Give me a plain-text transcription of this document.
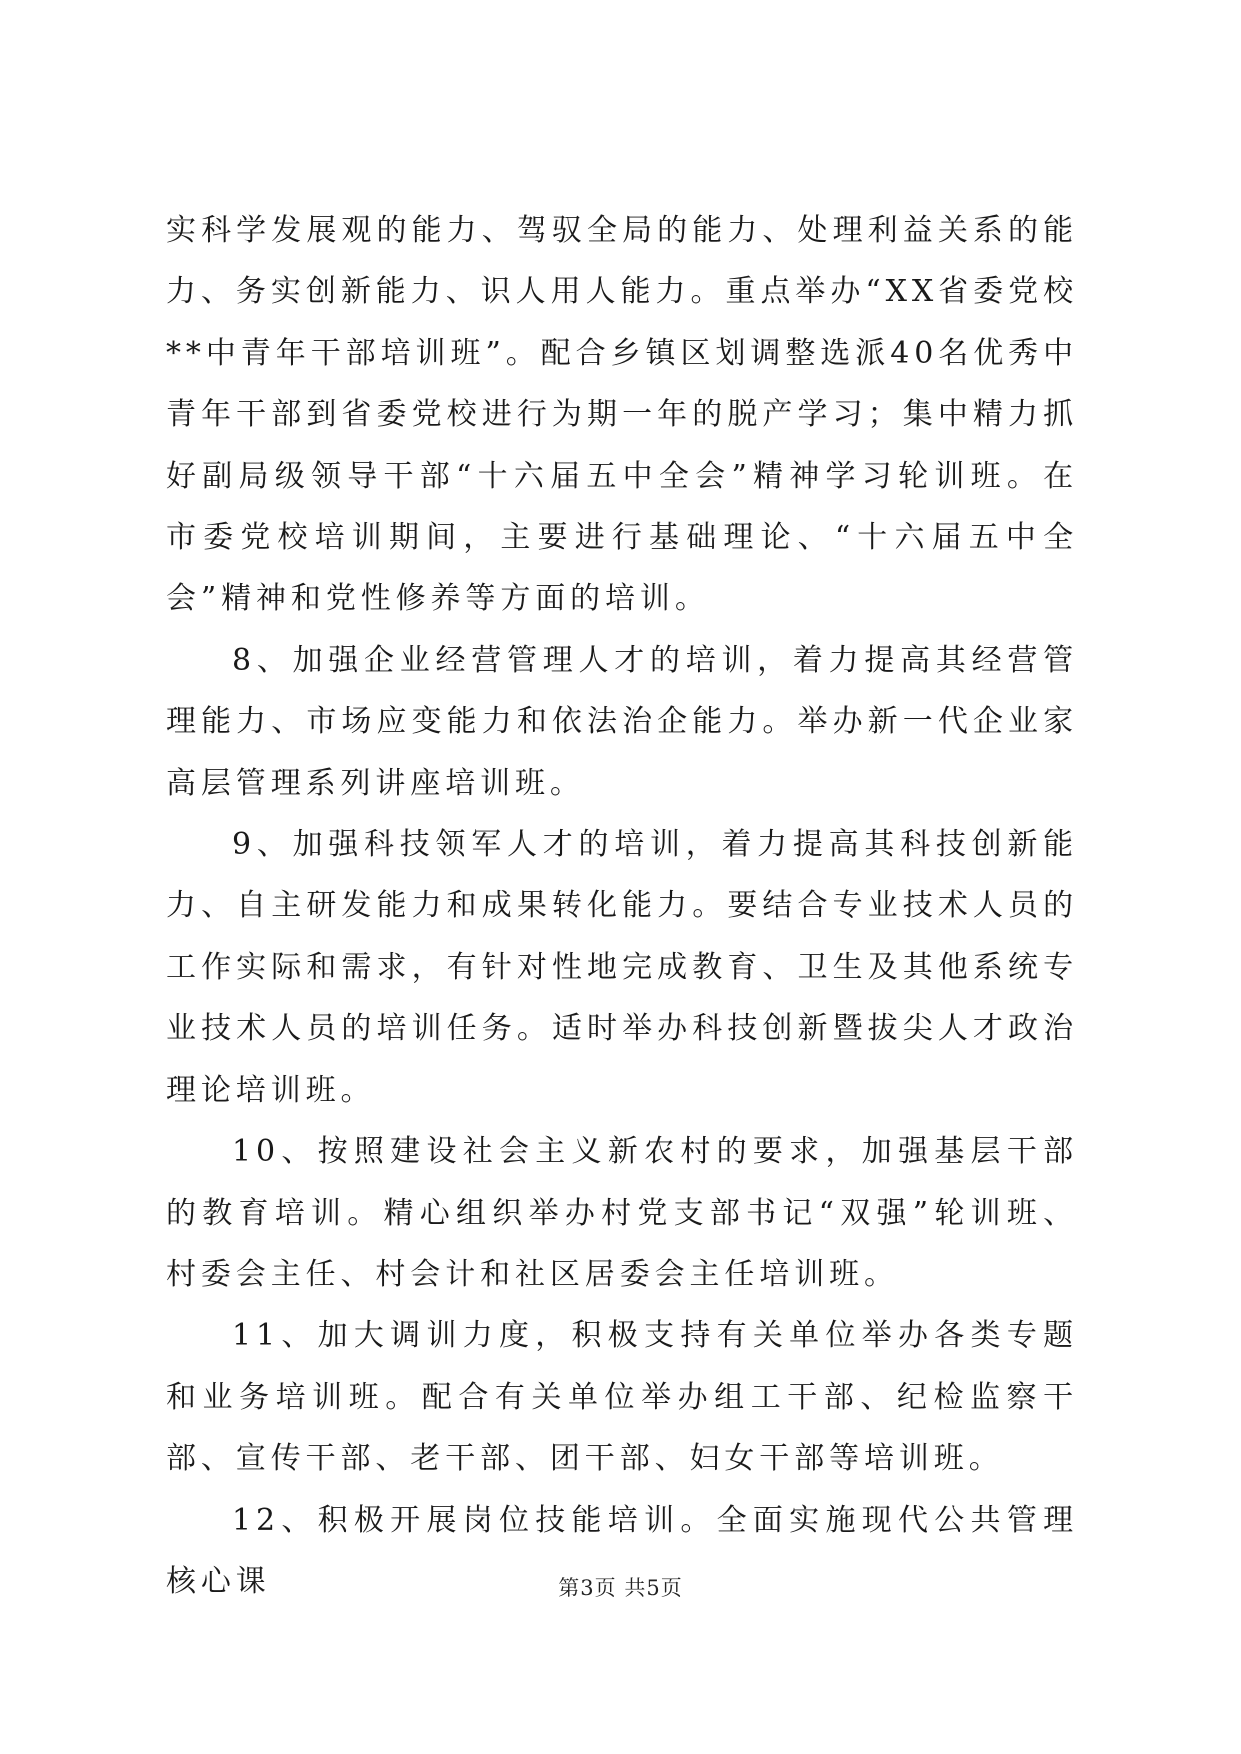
实科学发展观的能力、驾驭全局的能力、处理利益关系的能力、务实创新能力、识人用人能力。重点举办“XX省委党校**中青年干部培训班”。配合乡镇区划调整选派40名优秀中青年干部到省委党校进行为期一年的脱产学习；集中精力抓好副局级领导干部“十六届五中全会”精神学习轮训班。在市委党校培训期间，主要进行基础理论、“十六届五中全会”精神和党性修养等方面的培训。

8、加强企业经营管理人才的培训，着力提高其经营管理能力、市场应变能力和依法治企能力。举办新一代企业家高层管理系列讲座培训班。

9、加强科技领军人才的培训，着力提高其科技创新能力、自主研发能力和成果转化能力。要结合专业技术人员的工作实际和需求，有针对性地完成教育、卫生及其他系统专业技术人员的培训任务。适时举办科技创新暨拔尖人才政治理论培训班。

10、按照建设社会主义新农村的要求，加强基层干部的教育培训。精心组织举办村党支部书记“双强”轮训班、村委会主任、村会计和社区居委会主任培训班。

11、加大调训力度，积极支持有关单位举办各类专题和业务培训班。配合有关单位举办组工干部、纪检监察干部、宣传干部、老干部、团干部、妇女干部等培训班。

12、积极开展岗位技能培训。全面实施现代公共管理核心课	第3页 共5页
